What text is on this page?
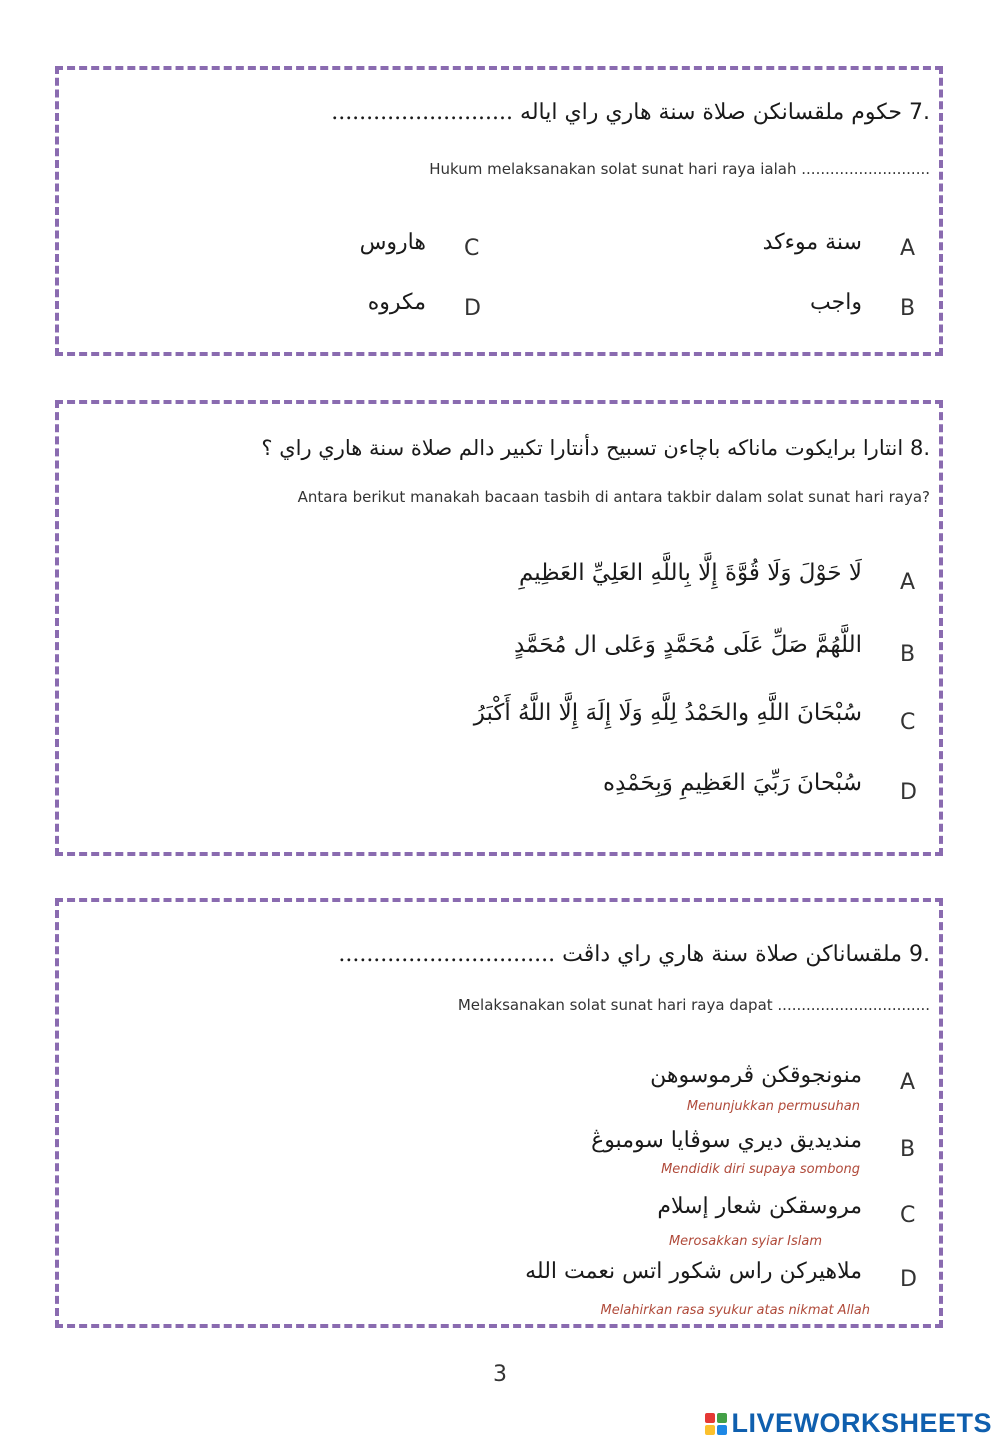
.7 حكوم ملقسانكن صلاة سنة هاري راي اياله ..........................
Hukum melaksanakan solat sunat hari raya ialah ...........................
A
سنة موءكد
B
واجب
C
هاروس
D
مكروه
.8 انتارا برايكوت ماناكه باچاءن تسبيح دأنتارا تكبير دالم صلاة سنة هاري راي ؟
Antara berikut manakah bacaan tasbih di antara takbir dalam solat sunat hari raya?
A
لَا حَوْلَ وَلَا قُوَّةَ إِلَّا بِاللَّهِ العَلِيِّ العَظِيمِ
B
اللَّهُمَّ صَلِّ عَلَى مُحَمَّدٍ وَعَلى ال مُحَمَّدٍ
C
سُبْحَانَ اللَّهِ والحَمْدُ لِلَّهِ وَلَا إِلَهَ إِلَّا اللَّهُ أَكْبَرُ
D
سُبْحانَ رَبِّيَ العَظِيمِ وَبِحَمْدِه
.9 ملقساناكن صلاة سنة هاري راي داڤت ...............................
Melaksanakan solat sunat hari raya dapat ................................
A
منونجوقكن ڤرموسوهن
Menunjukkan permusuhan
B
منديديق ديري سوڤايا سومبوڠ
Mendidik diri supaya sombong
C
مروسقكن شعار إسلام
Merosakkan syiar Islam
D
ملاهيركن راس شكور اتس نعمت الله
Melahirkan rasa syukur atas nikmat Allah
3
LIVEWORKSHEETS
